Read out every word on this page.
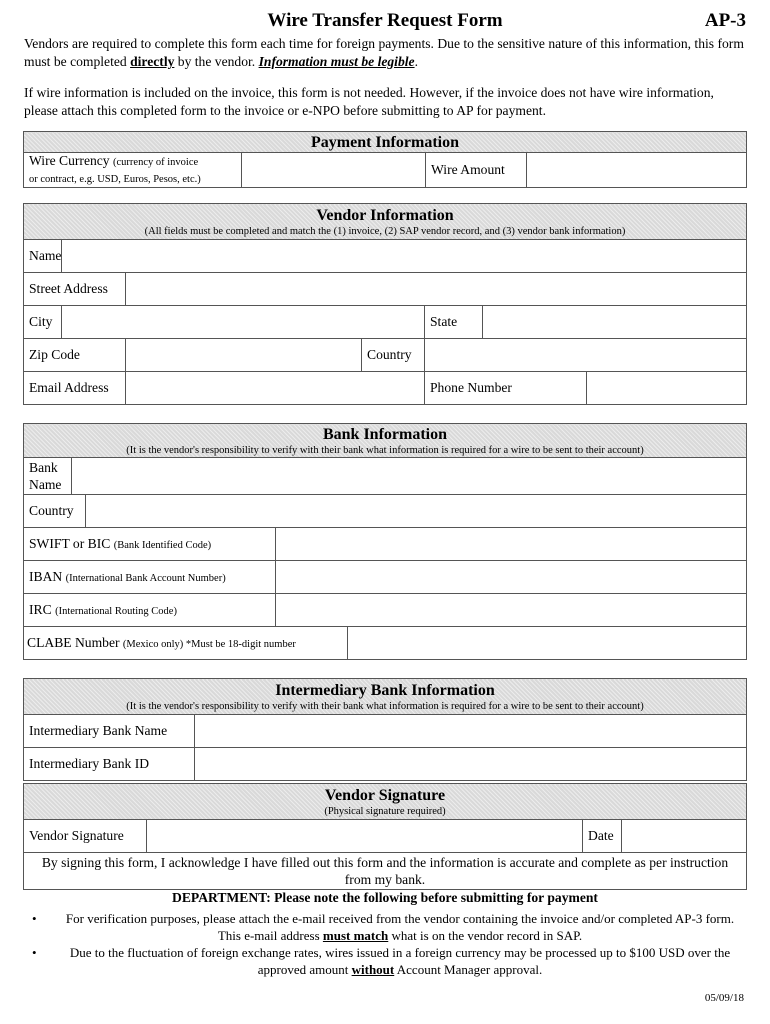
Wire Transfer Request Form	AP-3
Vendors are required to complete this form each time for foreign payments. Due to the sensitive nature of this information, this form must be completed directly by the vendor. Information must be legible.
If wire information is included on the invoice, this form is not needed. However, if the invoice does not have wire information, please attach this completed form to the invoice or e-NPO before submitting to AP for payment.
Payment Information

Wire Currency (currency of invoice
or contract, e.g. USD, Euros, Pesos, etc.)		Wire Amount	
Vendor Information
(All fields must be completed and match the (1) invoice, (2) SAP vendor record, and (3) vendor bank information)						

Name						
Street Address						
City				State		
Zip Code			Country			
Email Address				Phone Number		
Bank Information
(It is the vendor's responsibility to verify with their bank what information is required for a wire to be sent to their account)				

Bank
Name				
Country				
SWIFT or BIC (Bank Identified Code)				
IBAN (International Bank Account Number)				
IRC (International Routing Code)				
CLABE Number (Mexico only) *Must be 18-digit number				
Intermediary Bank Information
(It is the vendor's responsibility to verify with their bank what information is required for a wire to be sent to their account)	

Intermediary Bank Name	
Intermediary Bank ID	
Vendor Signature
(Physical signature required)

Vendor Signature		Date	
By signing this form, I acknowledge I have filled out this form and the information is accurate and complete as per instruction from my bank.
DEPARTMENT: Please note the following before submitting for payment
• For verification purposes, please attach the e-mail received from the vendor containing the invoice and/or completed AP-3 form. This e-mail address must match what is on the vendor record in SAP.
•	Due to the fluctuation of foreign exchange rates, wires issued in a foreign currency may be processed up to $100 USD over the approved amount without Account Manager approval.
05/09/18
